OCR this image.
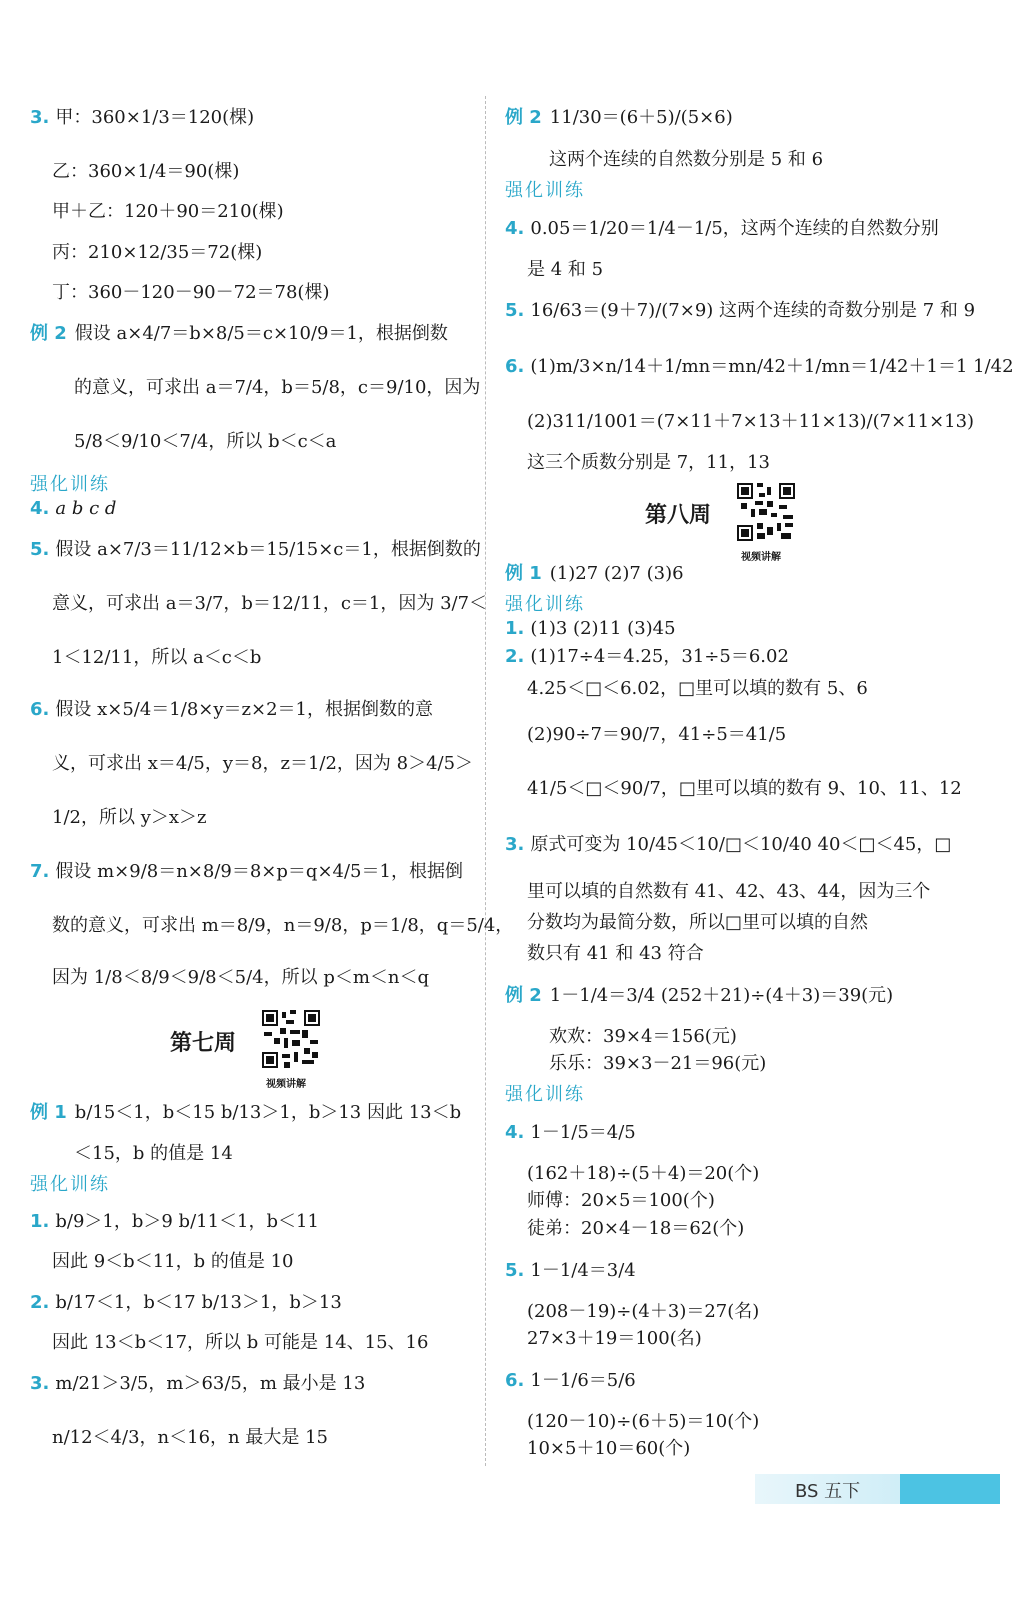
3. 甲：360×1/3＝120(棵)
乙：360×1/4＝90(棵)
甲＋乙：120＋90＝210(棵)
丙：210×12/35＝72(棵)
丁：360－120－90－72＝78(棵)
例 2 假设 a×4/7＝b×8/5＝c×10/9＝1，根据倒数
的意义，可求出 a＝7/4，b＝5/8，c＝9/10，因为
5/8＜9/10＜7/4，所以 b＜c＜a
强化训练
4. a b c d
5. 假设 a×7/3＝11/12×b＝15/15×c＝1，根据倒数的
意义，可求出 a＝3/7，b＝12/11，c＝1，因为 3/7＜
1＜12/11，所以 a＜c＜b
6. 假设 x×5/4＝1/8×y＝z×2＝1，根据倒数的意
义，可求出 x＝4/5，y＝8，z＝1/2，因为 8＞4/5＞
1/2，所以 y＞x＞z
7. 假设 m×9/8＝n×8/9＝8×p＝q×4/5＝1，根据倒
数的意义，可求出 m＝8/9，n＝9/8，p＝1/8，q＝5/4，
因为 1/8＜8/9＜9/8＜5/4，所以 p＜m＜n＜q
第七周
视频讲解
例 1 b/15＜1，b＜15 b/13＞1，b＞13 因此 13＜b
＜15，b 的值是 14
强化训练
1. b/9＞1，b＞9 b/11＜1，b＜11
因此 9＜b＜11，b 的值是 10
2. b/17＜1，b＜17 b/13＞1，b＞13
因此 13＜b＜17，所以 b 可能是 14、15、16
3. m/21＞3/5，m＞63/5，m 最小是 13
n/12＜4/3，n＜16，n 最大是 15
例 2 11/30＝(6＋5)/(5×6)
这两个连续的自然数分别是 5 和 6
强化训练
4. 0.05＝1/20＝1/4－1/5，这两个连续的自然数分别
是 4 和 5
5. 16/63＝(9＋7)/(7×9) 这两个连续的奇数分别是 7 和 9
6. (1)m/3×n/14＋1/mn＝mn/42＋1/mn＝1/42＋1＝1 1/42
(2)311/1001＝(7×11＋7×13＋11×13)/(7×11×13)
这三个质数分别是 7，11，13
第八周
视频讲解
例 1 (1)27 (2)7 (3)6
强化训练
1. (1)3 (2)11 (3)45
2. (1)17÷4＝4.25，31÷5＝6.02
4.25＜□＜6.02，□里可以填的数有 5、6
(2)90÷7＝90/7，41÷5＝41/5
41/5＜□＜90/7，□里可以填的数有 9、10、11、12
3. 原式可变为 10/45＜10/□＜10/40 40＜□＜45，□
里可以填的自然数有 41、42、43、44，因为三个
分数均为最简分数，所以□里可以填的自然
数只有 41 和 43 符合
例 2 1－1/4＝3/4 (252＋21)÷(4＋3)＝39(元)
欢欢：39×4＝156(元)
乐乐：39×3－21＝96(元)
强化训练
4. 1－1/5＝4/5
(162＋18)÷(5＋4)＝20(个)
师傅：20×5＝100(个)
徒弟：20×4－18＝62(个)
5. 1－1/4＝3/4
(208－19)÷(4＋3)＝27(名)
27×3＋19＝100(名)
6. 1－1/6＝5/6
(120－10)÷(6＋5)＝10(个)
10×5＋10＝60(个)
BS 五下
